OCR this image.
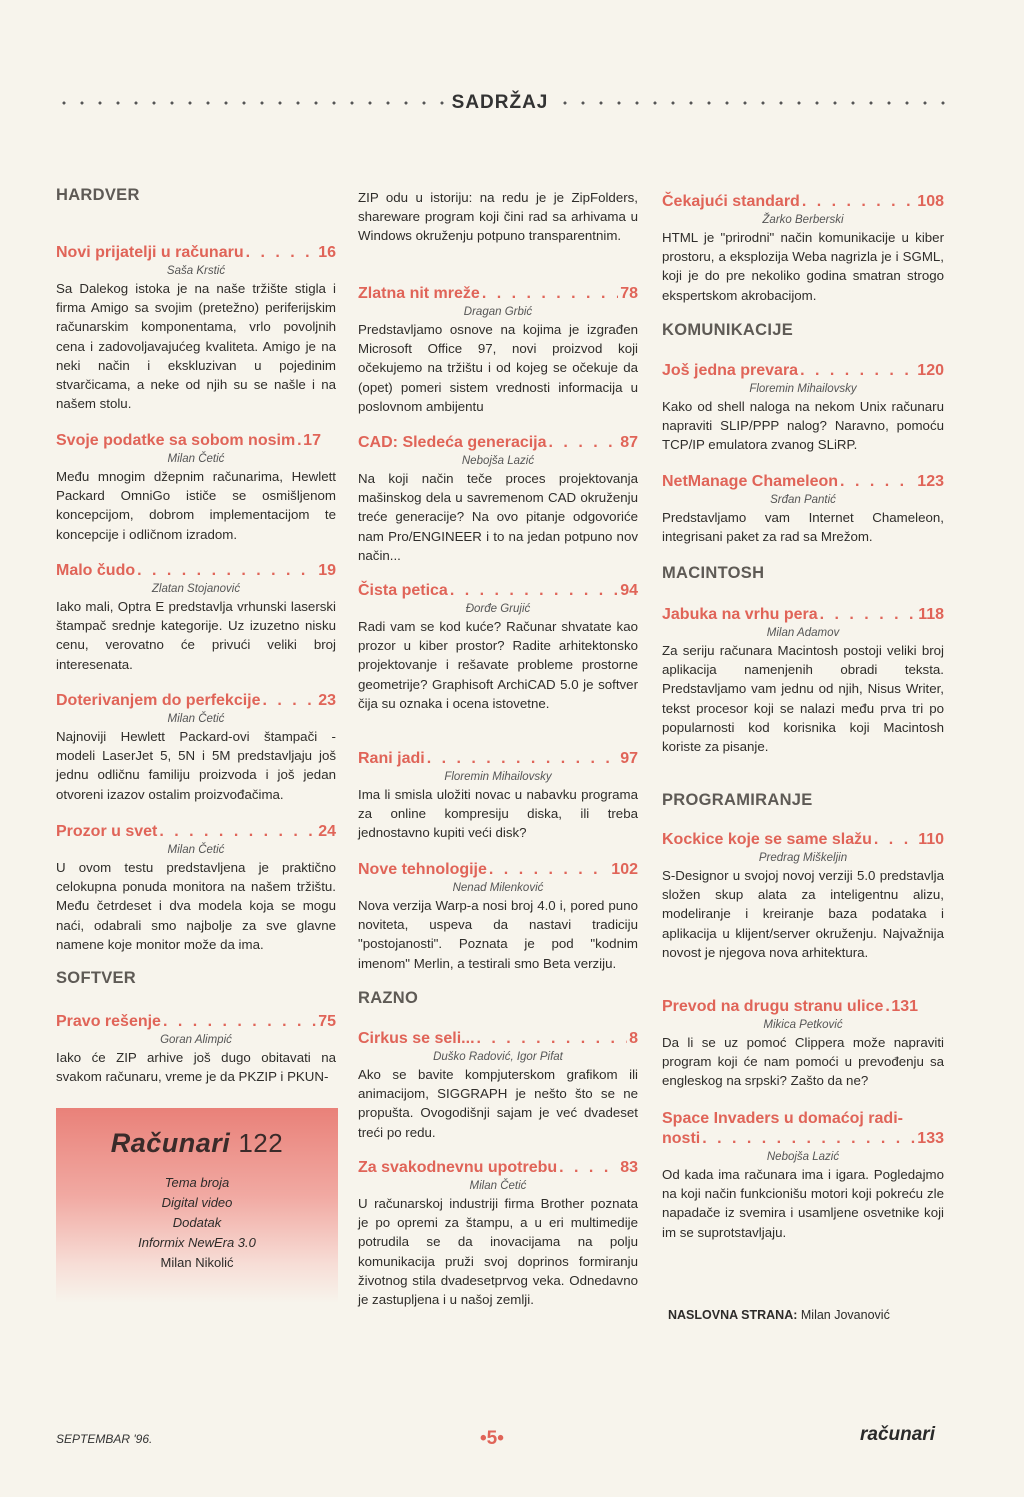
SADRŽAJ
HARDVER
Novi prijatelji u računaru . . .	16
Saša Krstić
Sa Dalekog istoka je na naše tržište stigla i firma Amigo sa svojim (pretežno) periferijskim računarskim komponentama, vrlo povoljnih cena i zadovoljavajućeg kvaliteta. Amigo je na neki način i ekskluzivan u pojedinim stvarčicama, a neke od njih su se našle i na našem stolu.
Svoje podatke sa sobom nosim . . . 17
Milan Četić
Među mnogim džepnim računarima, Hewlett Packard OmniGo ističe se osmišljenom koncepcijom, dobrom implementacijom te koncepcije i odličnom izradom.
Malo čudo . . .	19
Zlatan Stojanović
Iako mali, Optra E predstavlja vrhunski laserski štampač srednje kategorije. Uz izuzetno nisku cenu, verovatno će privući veliki broj interesenata.
Doterivanjem do perfekcije . . .	23
Milan Četić
Najnoviji Hewlett Packard-ovi štampači - modeli LaserJet 5, 5N i 5M predstavljaju još jednu odličnu familiju proizvoda i još jedan otvoreni izazov ostalim proizvođačima.
Prozor u svet . . .	24
Milan Četić
U ovom testu predstavljena je praktično celokupna ponuda monitora na našem tržištu. Među četrdeset i dva modela koja se mogu naći, odabrali smo najbolje za sve glavne namene koje monitor može da ima.
SOFTVER
Pravo rešenje . . .	75
Goran Alimpić
Iako će ZIP arhive još dugo obitavati na svakom računaru, vreme je da PKZIP i PKUN-
Računari 122
Tema broja
Digital video
Dodatak
Informix NewEra 3.0
Milan Nikolić
ZIP odu u istoriju: na redu je je ZipFolders, shareware program koji čini rad sa arhivama u Windows okruženju potpuno transparentnim.
Zlatna nit mreže . . .	78
Dragan Grbić
Predstavljamo osnove na kojima je izgrađen Microsoft Office 97, novi proizvod koji očekujemo na tržištu i od kojeg se očekuje da (opet) pomeri sistem vrednosti informacija u poslovnom ambijentu
CAD: Sledeća generacija . . .	87
Nebojša Lazić
Na koji način teče proces projektovanja mašinskog dela u savremenom CAD okruženju treće generacije? Na ovo pitanje odgovoriće nam Pro/ENGINEER i to na jedan potpuno nov način...
Čista petica . . .	94
Đorđe Grujić
Radi vam se kod kuće? Računar shvatate kao prozor u kiber prostor? Radite arhitektonsko projektovanje i rešavate probleme prostorne geometrije? Graphisoft ArchiCAD 5.0 je softver čija su oznaka i ocena istovetne.
Rani jadi . . .	97
Floremin Mihailovsky
Ima li smisla uložiti novac u nabavku programa za online kompresiju diska, ili treba jednostavno kupiti veći disk?
Nove tehnologije . . .	102
Nenad Milenković
Nova verzija Warp-a nosi broj 4.0 i, pored puno noviteta, uspeva da nastavi tradiciju "postojanosti". Poznata je pod "kodnim imenom" Merlin, a testirali smo Beta verziju.
RAZNO
Cirkus se seli... . . .	8
Duško Radović, Igor Pifat
Ako se bavite kompjuterskom grafikom ili animacijom, SIGGRAPH je nešto što se ne propušta. Ovogodišnji sajam je već dvadeset treći po redu.
Za svakodnevnu upotrebu . . .	83
Milan Četić
U računarskoj industriji firma Brother poznata je po opremi za štampu, a u eri multimedije potrudila se da inovacijama na polju komunikacija pruži svoj doprinos formiranju životnog stila dvadesetprvog veka. Odnedavno je zastupljena i u našoj zemlji.
Čekajući standard . . .	108
Žarko Berberski
HTML je "prirodni" način komunikacije u kiber prostoru, a eksplozija Weba nagrizla je i SGML, koji je do pre nekoliko godina smatran strogo ekspertskom akrobacijom.
KOMUNIKACIJE
Još jedna prevara . . .	120
Floremin Mihailovsky
Kako od shell naloga na nekom Unix računaru napraviti SLIP/PPP nalog? Naravno, pomoću TCP/IP emulatora zvanog SLiRP.
NetManage Chameleon . . .	123
Srđan Pantić
Predstavljamo vam Internet Chameleon, integrisani paket za rad sa Mrežom.
MACINTOSH
Jabuka na vrhu pera . . .	118
Milan Adamov
Za seriju računara Macintosh postoji veliki broj aplikacija namenjenih obradi teksta. Predstavljamo vam jednu od njih, Nisus Writer, tekst procesor koji se nalazi među prva tri po popularnosti kod korisnika koji Macintosh koriste za pisanje.
PROGRAMIRANJE
Kockice koje se same slažu . . .	110
Predrag Miškeljin
S-Designor u svojoj novoj verziji 5.0 predstavlja složen skup alata za inteligentnu alizu, modeliranje i kreiranje baza podataka i aplikacija u klijent/server okruženju. Najvažnija novost je njegova nova arhitektura.
Prevod na drugu stranu ulice . . . 131
Mikica Petković
Da li se uz pomoć Clippera može napraviti program koji će nam pomoći u prevođenju sa engleskog na srpski? Zašto da ne?
Space Invaders u domaćoj radi-
nosti . . .	133
Nebojša Lazić
Od kada ima računara ima i igara. Pogledajmo na koji način funkcionišu motori koji pokreću zle napadače iz svemira i usamljene osvetnike koji im se suprotstavljaju.
NASLOVNA STRANA: Milan Jovanović
SEPTEMBAR '96.	•5•	računari
